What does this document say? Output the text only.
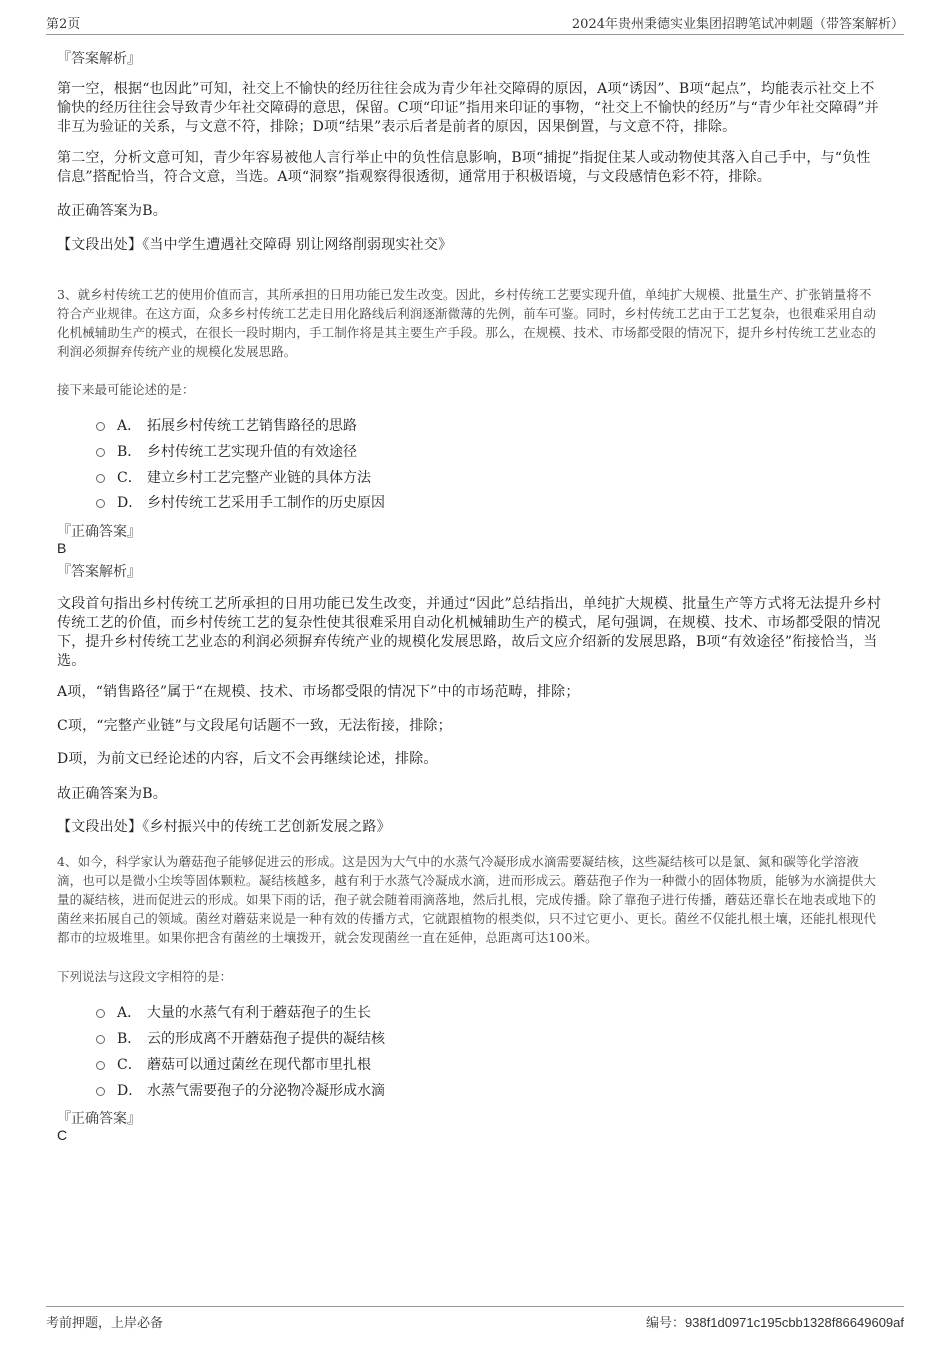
第2页	2024年贵州秉德实业集团招聘笔试冲刺题（带答案解析）
『答案解析』
第一空，根据“也因此”可知，社交上不愉快的经历往往会成为青少年社交障碍的原因，A项“诱因”、B项“起点”，均能表示社交上不愉快的经历往往会导致青少年社交障碍的意思，保留。C项“印证”指用来印证的事物，“社交上不愉快的经历”与“青少年社交障碍”并非互为验证的关系，与文意不符，排除；D项“结果”表示后者是前者的原因，因果倒置，与文意不符，排除。
第二空，分析文意可知，青少年容易被他人言行举止中的负性信息影响，B项“捕捉”指捉住某人或动物使其落入自己手中，与“负性信息”搭配恰当，符合文意，当选。A项“洞察”指观察得很透彻，通常用于积极语境，与文段感情色彩不符，排除。
故正确答案为B。
【文段出处】《当中学生遭遇社交障碍 别让网络削弱现实社交》
3、就乡村传统工艺的使用价值而言，其所承担的日用功能已发生改变。因此，乡村传统工艺要实现升值，单纯扩大规模、批量生产、扩张销量将不符合产业规律。在这方面，众多乡村传统工艺走日用化路线后利润逐渐微薄的先例，前车可鉴。同时，乡村传统工艺由于工艺复杂，也很难采用自动化机械辅助生产的模式，在很长一段时期内，手工制作将是其主要生产手段。那么，在规模、技术、市场都受限的情况下，提升乡村传统工艺业态的利润必须摒弃传统产业的规模化发展思路。
接下来最可能论述的是：
A． 拓展乡村传统工艺销售路径的思路
B． 乡村传统工艺实现升值的有效途径
C． 建立乡村工艺完整产业链的具体方法
D． 乡村传统工艺采用手工制作的历史原因
『正确答案』
B
『答案解析』
文段首句指出乡村传统工艺所承担的日用功能已发生改变，并通过“因此”总结指出，单纯扩大规模、批量生产等方式将无法提升乡村传统工艺的价值，而乡村传统工艺的复杂性使其很难采用自动化机械辅助生产的模式，尾句强调，在规模、技术、市场都受限的情况下，提升乡村传统工艺业态的利润必须摒弃传统产业的规模化发展思路，故后文应介绍新的发展思路，B项“有效途径”衔接恰当，当选。
A项，“销售路径”属于“在规模、技术、市场都受限的情况下”中的市场范畴，排除；
C项，“完整产业链”与文段尾句话题不一致，无法衔接，排除；
D项，为前文已经论述的内容，后文不会再继续论述，排除。
故正确答案为B。
【文段出处】《乡村振兴中的传统工艺创新发展之路》
4、如今，科学家认为蘑菇孢子能够促进云的形成。这是因为大气中的水蒸气冷凝形成水滴需要凝结核，这些凝结核可以是氯、氮和碳等化学溶液滴，也可以是微小尘埃等固体颗粒。凝结核越多，越有利于水蒸气冷凝成水滴，进而形成云。蘑菇孢子作为一种微小的固体物质，能够为水滴提供大量的凝结核，进而促进云的形成。如果下雨的话，孢子就会随着雨滴落地，然后扎根，完成传播。除了靠孢子进行传播，蘑菇还靠长在地表或地下的菌丝来拓展自己的领域。菌丝对蘑菇来说是一种有效的传播方式，它就跟植物的根类似，只不过它更小、更长。菌丝不仅能扎根土壤，还能扎根现代都市的垃圾堆里。如果你把含有菌丝的土壤拨开，就会发现菌丝一直在延伸，总距离可达100米。
下列说法与这段文字相符的是：
A． 大量的水蒸气有利于蘑菇孢子的生长
B． 云的形成离不开蘑菇孢子提供的凝结核
C． 蘑菇可以通过菌丝在现代都市里扎根
D． 水蒸气需要孢子的分泌物冷凝形成水滴
『正确答案』
C
考前押题，上岸必备	编号：938f1d0971c195cbb1328f86649609af
